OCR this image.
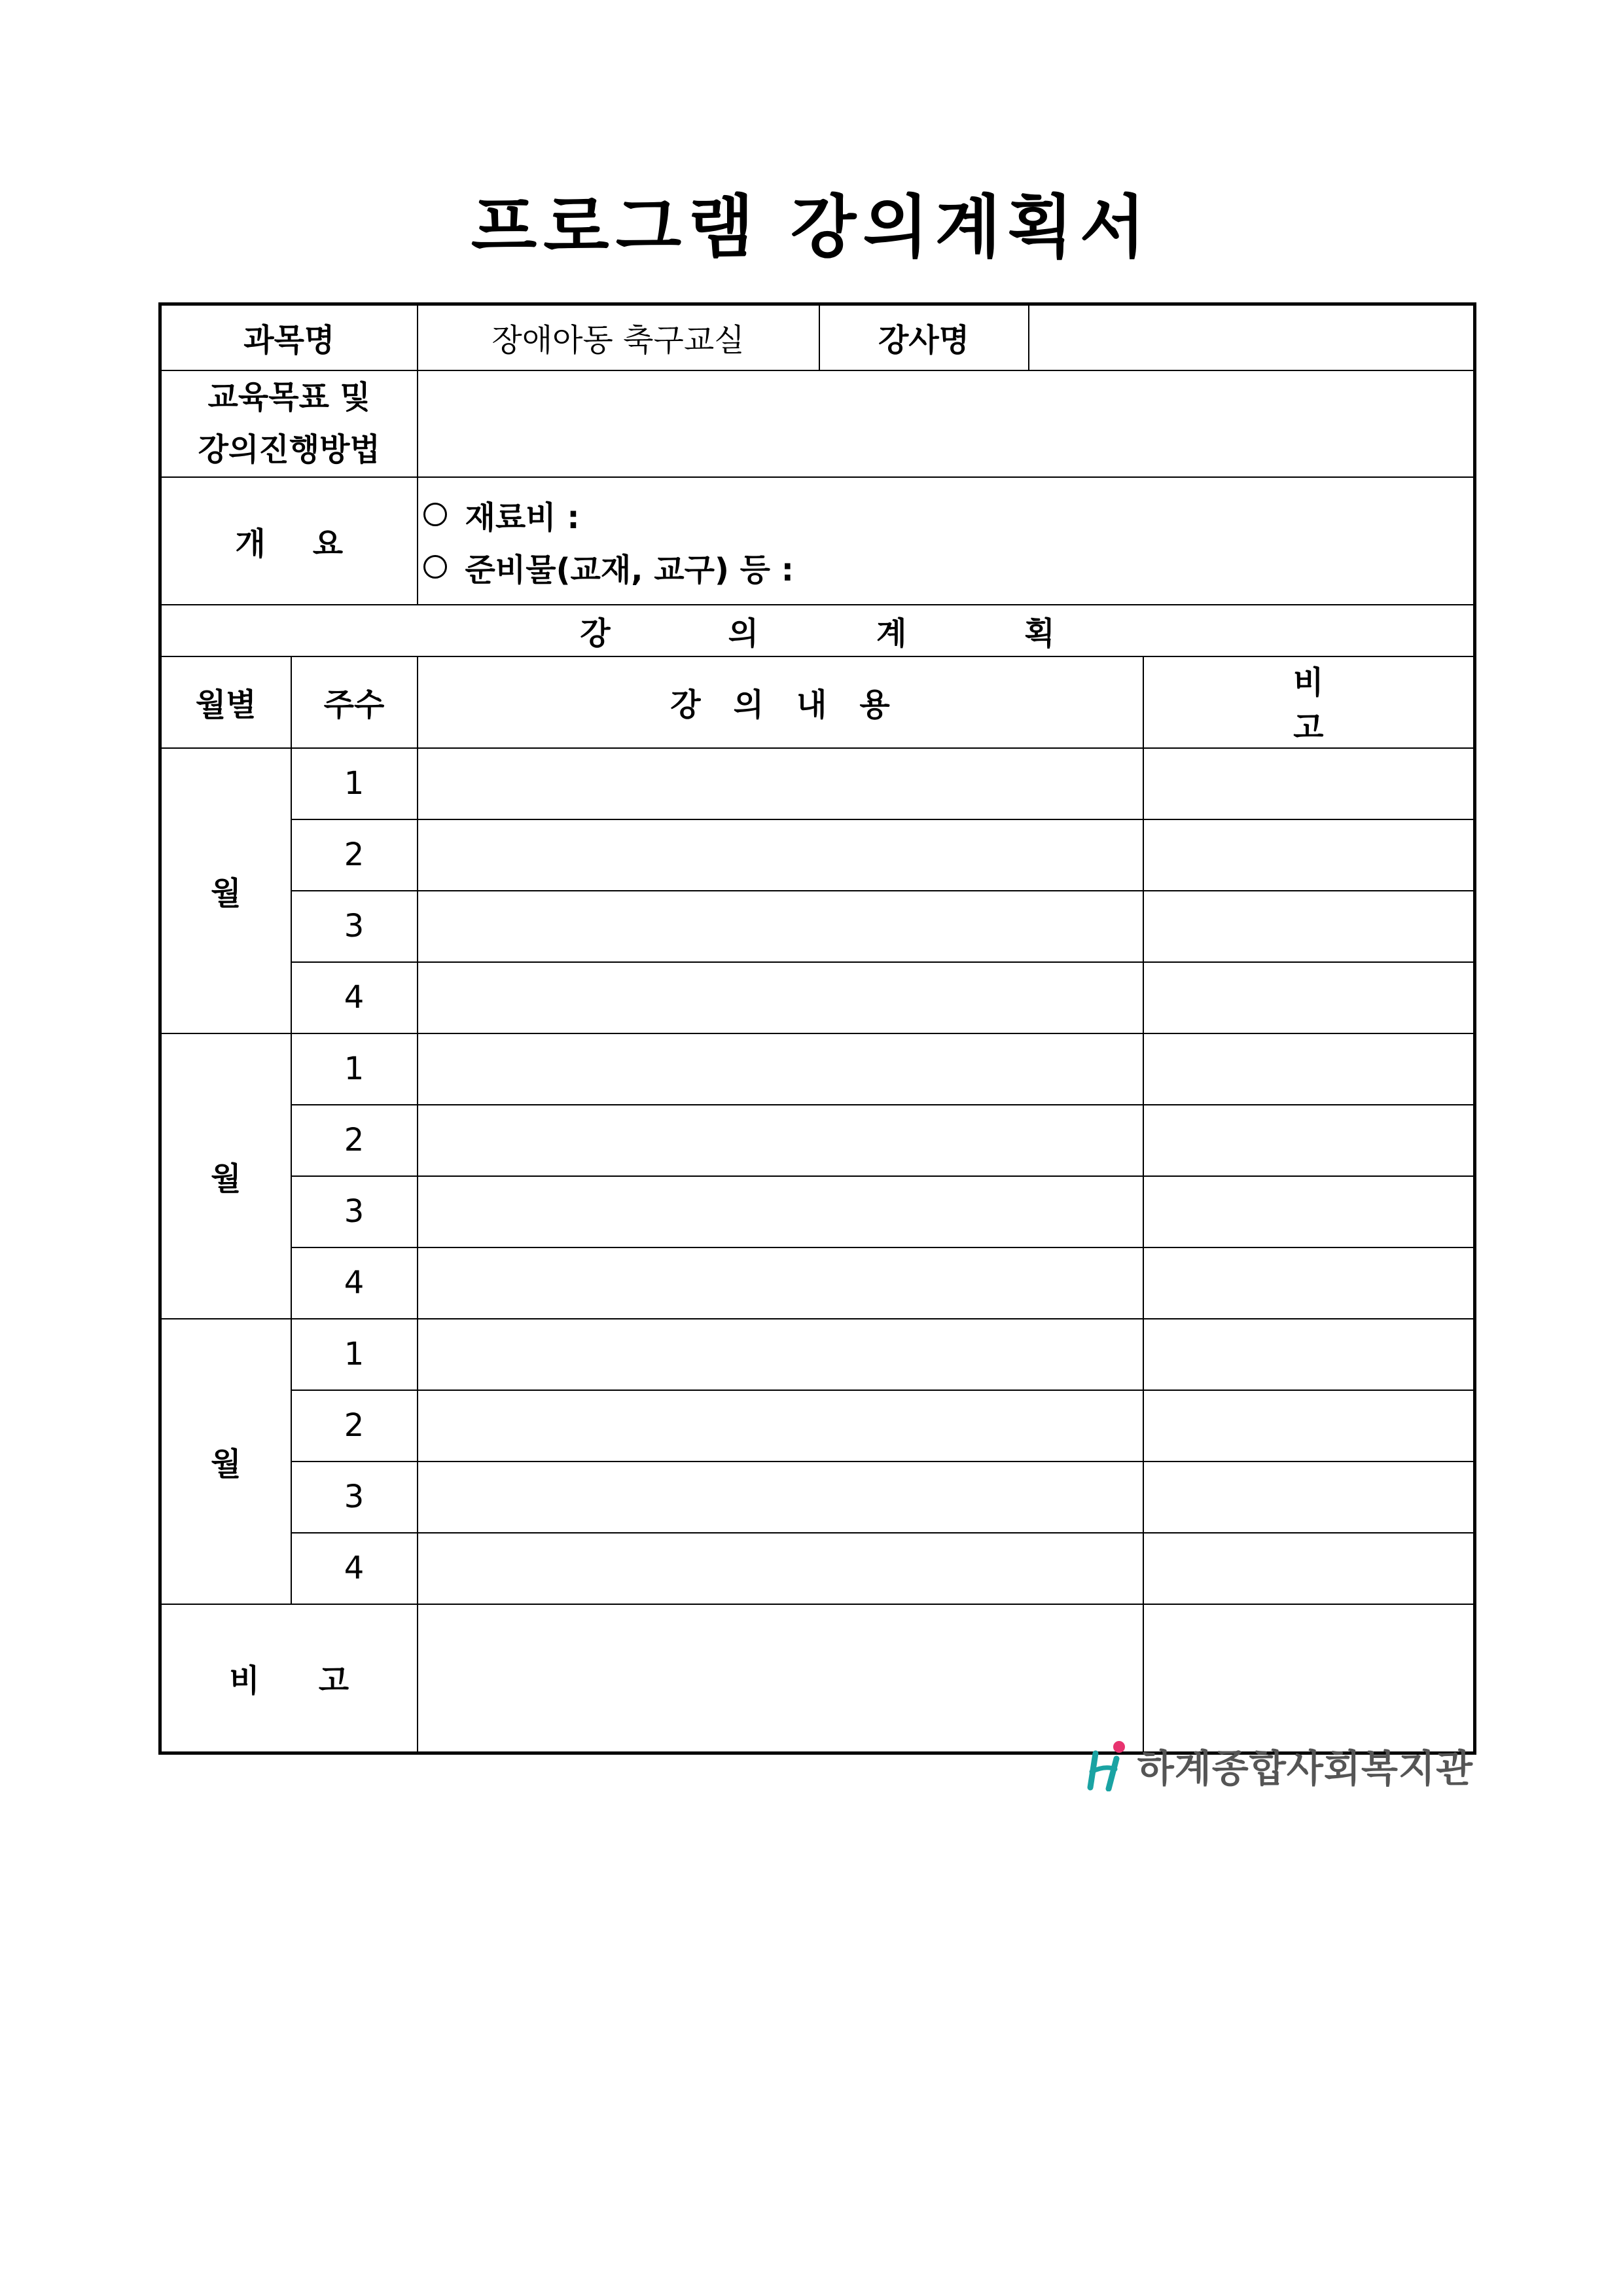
프로그램 강의계획서
과목명		장애아동 축구교실	강사명		

교육목표 및
강의진행방법					

개요		재료비 :
준비물(교재, 교구) 등 :			

강의계획					
월별	주수	강의내용			비고
월	1				
	2				
	3				
	4				
월	1				
	2				
	3				
	4				
월	1				
	2				
	3				
	4				
비고					
하계종합사회복지관
